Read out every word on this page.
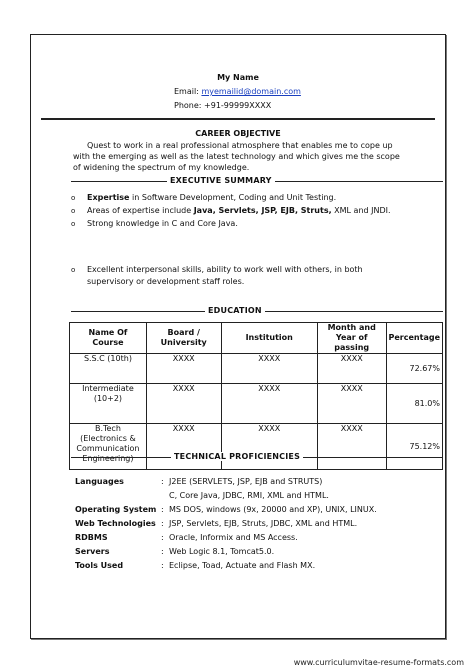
My Name
Email: myemailid@domain.com
Phone: +91-99999XXXX
CAREER OBJECTIVE
Quest to work in a real professional atmosphere that enables me to cope up
with the emerging as well as the latest technology and which gives me the scope
of widening the spectrum of my knowledge.
EXECUTIVE SUMMARY
o Expertise in Software Development, Coding and Unit Testing.
o Areas of expertise include Java, Servlets, JSP, EJB, Struts, XML and JNDI.
o Strong knowledge in C and Core Java.
o Excellent interpersonal skills, ability to work well with others, in both
supervisory or development staff roles.
EDUCATION
Name Of Course	Board / University	Institution	Month and Year of passing	Percentage
S.S.C (10th)	XXXX	XXXX	XXXX	72.67%
Intermediate (10+2)	XXXX	XXXX	XXXX	81.0%
B.Tech (Electronics & Communication Engineering)	XXXX	XXXX	XXXX	75.12%
TECHNICAL PROFICIENCIES
Languages	: J2EE (SERVLETS, JSP, EJB and STRUTS)
C, Core Java, JDBC, RMI, XML and HTML.
Operating System : MS DOS, windows (9x, 20000 and XP), UNIX, LINUX.
Web Technologies : JSP, Servlets, EJB, Struts, JDBC, XML and HTML.
RDBMS	: Oracle, Informix and MS Access.
Servers	: Web Logic 8.1, Tomcat5.0.
Tools Used	: Eclipse, Toad, Actuate and Flash MX.
www.curriculumvitae-resume-formats.com
